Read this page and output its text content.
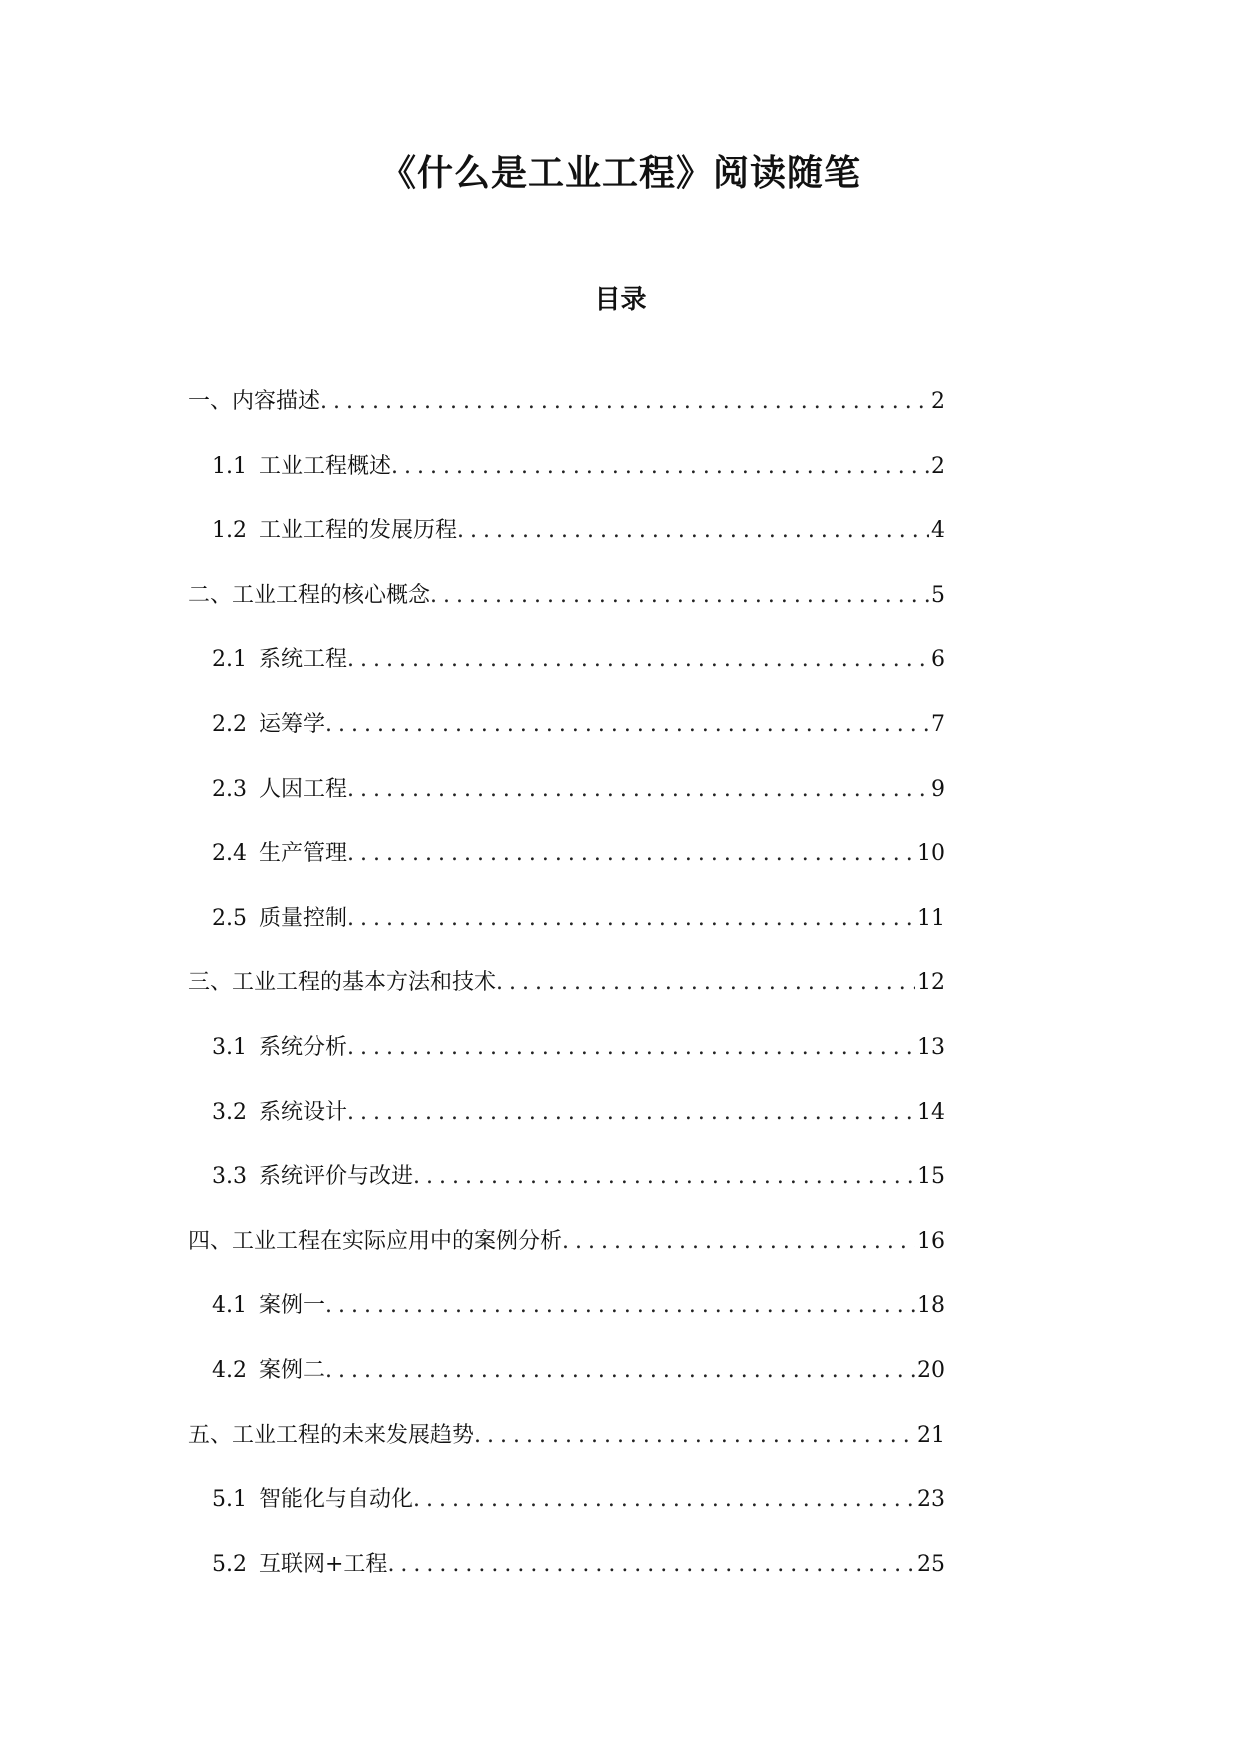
《什么是工业工程》阅读随笔
目录
一、内容描述 .....	2
1.1 工业工程概述 .....	2
1.2 工业工程的发展历程 .....	4
二、工业工程的核心概念 .....	5
2.1 系统工程 .....	6
2.2 运筹学 .....	7
2.3 人因工程 .....	9
2.4 生产管理 .....	10
2.5 质量控制 .....	11
三、工业工程的基本方法和技术 .....	12
3.1 系统分析 .....	13
3.2 系统设计 .....	14
3.3 系统评价与改进 .....	15
四、工业工程在实际应用中的案例分析 .....	16
4.1 案例一 .....	18
4.2 案例二 .....	20
五、工业工程的未来发展趋势 .....	21
5.1 智能化与自动化 .....	23
5.2 互联网+工程 .....	25
